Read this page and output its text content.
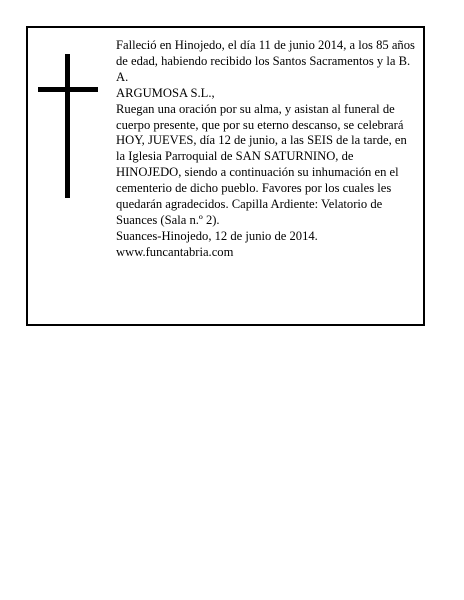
Falleció en Hinojedo, el día 11 de junio 2014, a los 85 años de edad, habiendo recibido los Santos Sacramentos y la B. A.

ARGUMOSA S.L.,

Ruegan una oración por su alma, y asistan al funeral de cuerpo presente, que por su eterno descanso, se celebrará HOY, JUEVES, día 12 de junio, a las SEIS de la tarde, en la Iglesia Parroquial de SAN SATURNINO, de HINOJEDO, siendo a continuación su inhumación en el cementerio de dicho pueblo. Favores por los cuales les quedarán agradecidos. Capilla Ardiente: Velatorio de Suances (Sala n.º 2).

Suances-Hinojedo, 12 de junio de 2014.

www.funcantabria.com
